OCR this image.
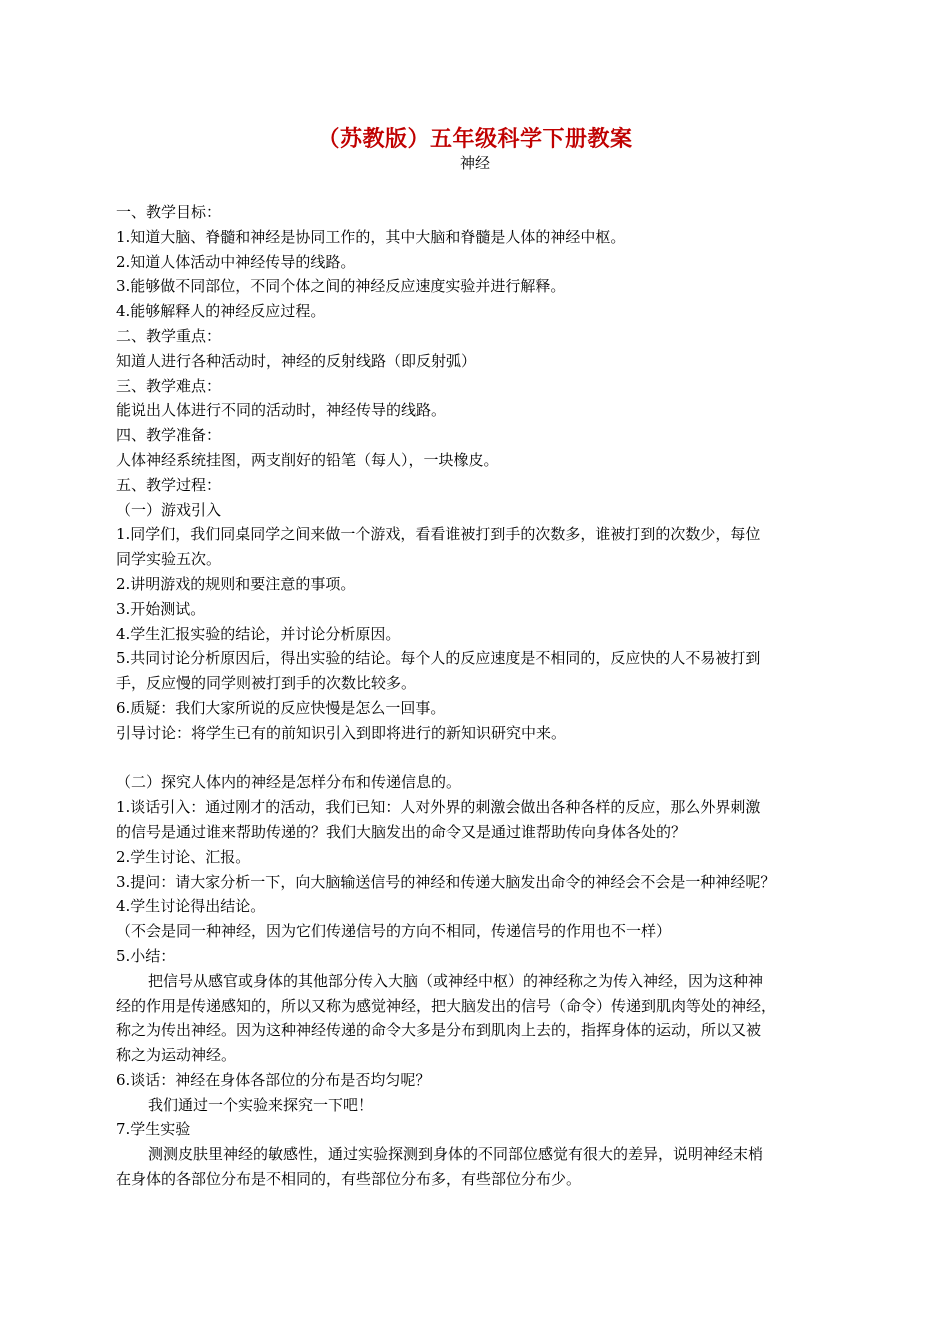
（苏教版）五年级科学下册教案
神经
一、教学目标：
1.知道大脑、脊髓和神经是协同工作的，其中大脑和脊髓是人体的神经中枢。
2.知道人体活动中神经传导的线路。
3.能够做不同部位，不同个体之间的神经反应速度实验并进行解释。
4.能够解释人的神经反应过程。
二、教学重点：
知道人进行各种活动时，神经的反射线路（即反射弧）
三、教学难点：
能说出人体进行不同的活动时，神经传导的线路。
四、教学准备：
人体神经系统挂图，两支削好的铅笔（每人），一块橡皮。
五、教学过程：
（一）游戏引入
1.同学们，我们同桌同学之间来做一个游戏，看看谁被打到手的次数多，谁被打到的次数少，每位
同学实验五次。
2.讲明游戏的规则和要注意的事项。
3.开始测试。
4.学生汇报实验的结论，并讨论分析原因。
5.共同讨论分析原因后，得出实验的结论。每个人的反应速度是不相同的，反应快的人不易被打到
手，反应慢的同学则被打到手的次数比较多。
6.质疑：我们大家所说的反应快慢是怎么一回事。
引导讨论：将学生已有的前知识引入到即将进行的新知识研究中来。
（二）探究人体内的神经是怎样分布和传递信息的。
1.谈话引入：通过刚才的活动，我们已知：人对外界的刺激会做出各种各样的反应，那么外界刺激
的信号是通过谁来帮助传递的？我们大脑发出的命令又是通过谁帮助传向身体各处的？
2.学生讨论、汇报。
3.提问：请大家分析一下，向大脑输送信号的神经和传递大脑发出命令的神经会不会是一种神经呢？
4.学生讨论得出结论。
（不会是同一种神经，因为它们传递信号的方向不相同，传递信号的作用也不一样）
5.小结：
把信号从感官或身体的其他部分传入大脑（或神经中枢）的神经称之为传入神经，因为这种神
经的作用是传递感知的，所以又称为感觉神经，把大脑发出的信号（命令）传递到肌肉等处的神经，
称之为传出神经。因为这种神经传递的命令大多是分布到肌肉上去的，指挥身体的运动，所以又被
称之为运动神经。
6.谈话：神经在身体各部位的分布是否均匀呢？
我们通过一个实验来探究一下吧！
7.学生实验
测测皮肤里神经的敏感性，通过实验探测到身体的不同部位感觉有很大的差异，说明神经末梢
在身体的各部位分布是不相同的，有些部位分布多，有些部位分布少。
